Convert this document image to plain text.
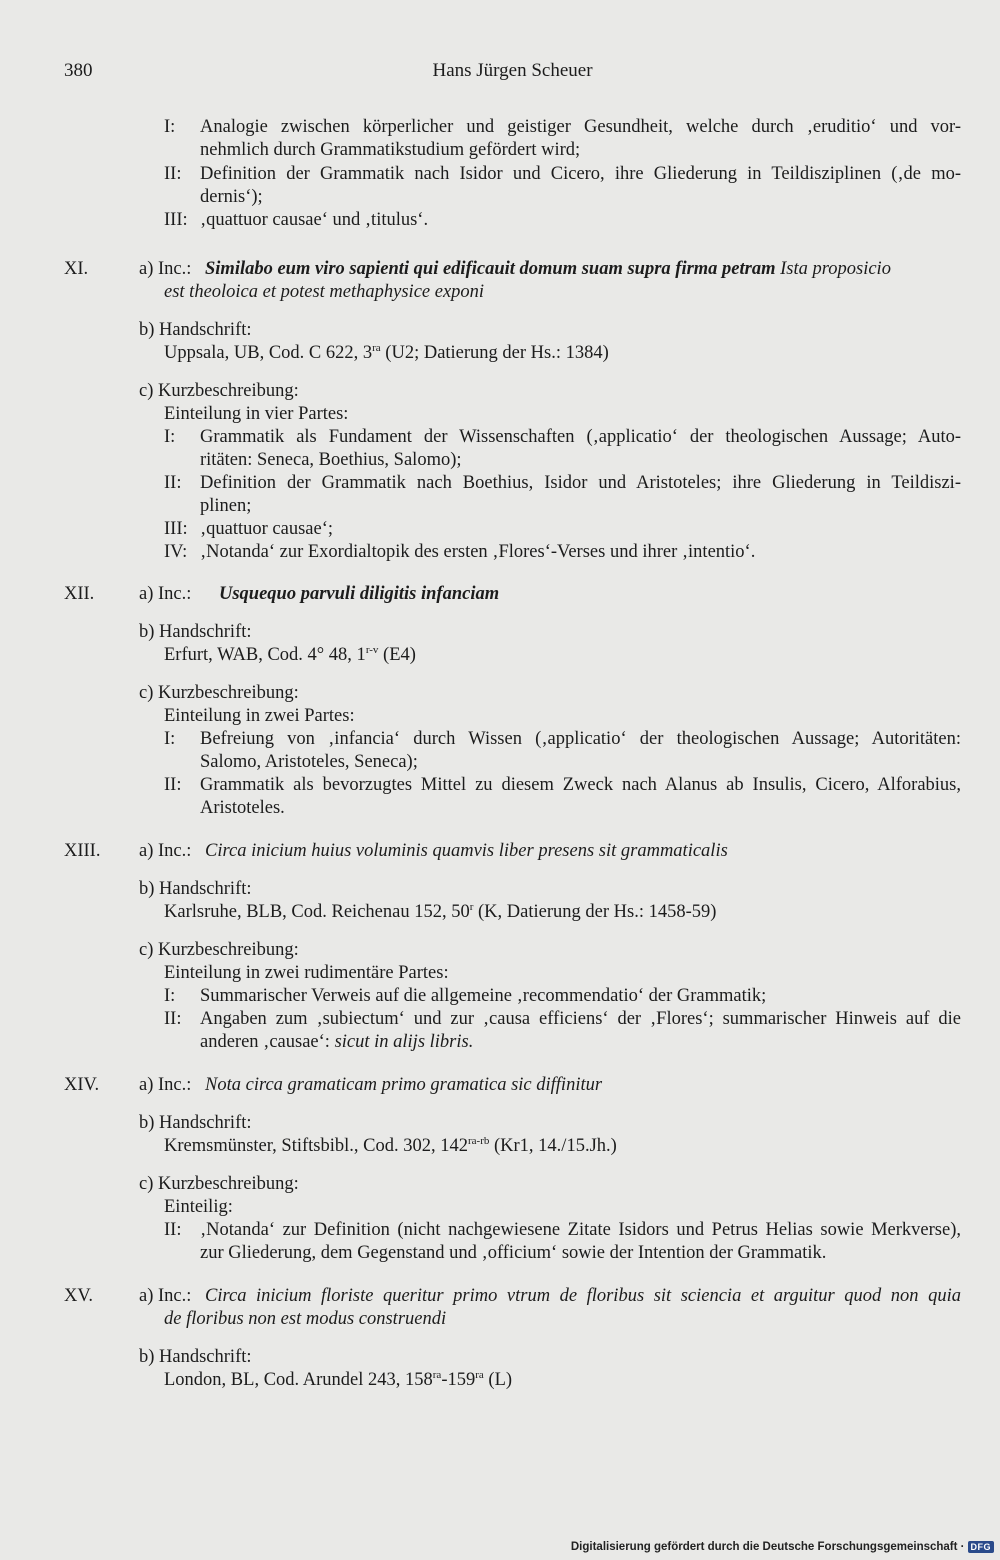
380	Hans Jürgen Scheuer
I: Analogie zwischen körperlicher und geistiger Gesundheit, welche durch ‚eruditio‘ und vor-
nehmlich durch Grammatikstudium gefördert wird;
II: Definition der Grammatik nach Isidor und Cicero, ihre Gliederung in Teildisziplinen (‚de mo-
dernis‘);
III: ‚quattuor causae‘ und ‚titulus‘.
XI.	a) Inc.: Similabo eum viro sapienti qui edificauit domum suam supra firma petram Ista proposicio
est theoloica et potest methaphysice exponi
b) Handschrift:
Uppsala, UB, Cod. C 622, $3^{ra}$ (U2; Datierung der Hs.: 1384)
c) Kurzbeschreibung:
Einteilung in vier Partes:
I: Grammatik als Fundament der Wissenschaften (‚applicatio‘ der theologischen Aussage; Auto-
ritäten: Seneca, Boethius, Salomo);
II: Definition der Grammatik nach Boethius, Isidor und Aristoteles; ihre Gliederung in Teildiszi-
plinen;
III: ‚quattuor causae‘;
IV: ‚Notanda‘ zur Exordialtopik des ersten ‚Flores‘-Verses und ihrer ‚intentio‘.
XII. a) Inc.: Usquequo parvuli diligitis infanciam
b) Handschrift:
Erfurt, WAB, Cod. 4° 48, 1$^{r-v}$ (E4)
c) Kurzbeschreibung:
Einteilung in zwei Partes:
I: Befreiung von ‚infancia‘ durch Wissen (‚applicatio‘ der theologischen Aussage; Autoritäten:
Salomo, Aristoteles, Seneca);
II: Grammatik als bevorzugtes Mittel zu diesem Zweck nach Alanus ab Insulis, Cicero, Alforabius,
Aristoteles.
XIII. a) Inc.: Circa inicium huius voluminis quamvis liber presens sit grammaticalis
b) Handschrift:
Karlsruhe, BLB, Cod. Reichenau 152, 50$^r$ (K, Datierung der Hs.: 1458-59)
c) Kurzbeschreibung:
Einteilung in zwei rudimentäre Partes:
I: Summarischer Verweis auf die allgemeine ‚recommendatio‘ der Grammatik;
II: Angaben zum ‚subiectum‘ und zur ‚causa efficiens‘ der ‚Flores‘; summarischer Hinweis auf die
anderen ‚causae‘: sicut in alijs libris.
XIV. a) Inc.: Nota circa gramaticam primo gramatica sic diffinitur
b) Handschrift:
Kremsmünster, Stiftsbibl., Cod. 302, $142^{ra-rb}$ (Kr1, 14./15.Jh.)
c) Kurzbeschreibung:
Einteilig:
II: ‚Notanda‘ zur Definition (nicht nachgewiesene Zitate Isidors und Petrus Helias sowie Merkverse),
zur Gliederung, dem Gegenstand und ‚officium‘ sowie der Intention der Grammatik.
XV. a) Inc.: Circa inicium floriste queritur primo vtrum de floribus sit sciencia et arguitur quod non quia
de floribus non est modus construendi
b) Handschrift:
London, BL, Cod. Arundel 243, $158^{ra}-159^{ra}$ (L)
Digitalisierung gefördert durch die Deutsche Forschungsgemeinschaft · DFG
